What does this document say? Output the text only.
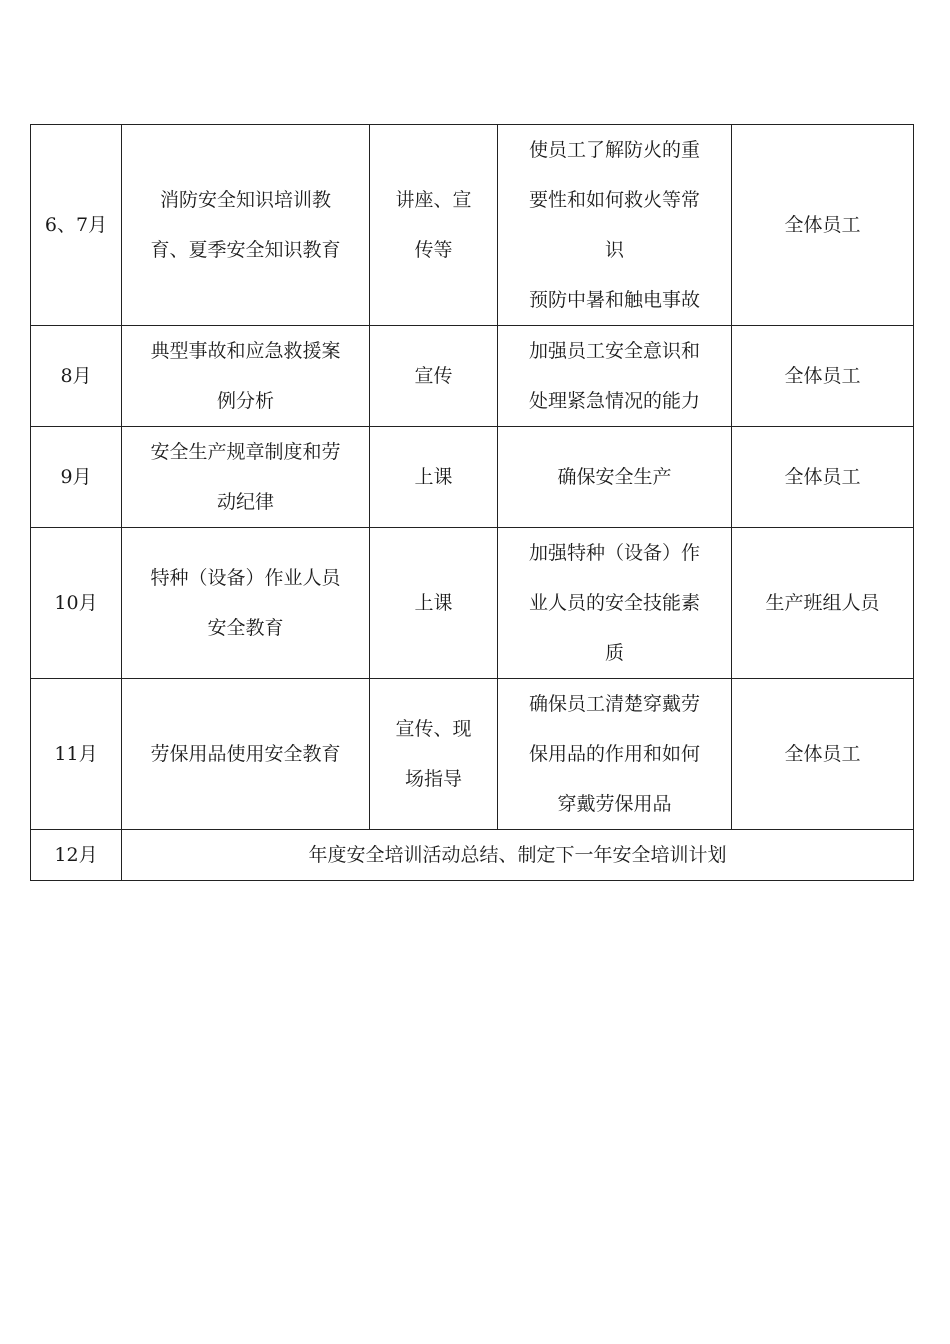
6、7月	消防安全知识培训教
育、夏季安全知识教育	讲座、宣
传等	使员工了解防火的重
要性和如何救火等常
识
预防中暑和触电事故	全体员工
8月	典型事故和应急救援案
例分析	宣传	加强员工安全意识和
处理紧急情况的能力	全体员工
9月	安全生产规章制度和劳
动纪律	上课	确保安全生产	全体员工
10月	特种（设备）作业人员
安全教育	上课	加强特种（设备）作
业人员的安全技能素
质	生产班组人员
11月	劳保用品使用安全教育	宣传、现
场指导	确保员工清楚穿戴劳
保用品的作用和如何
穿戴劳保用品	全体员工
12月	年度安全培训活动总结、制定下一年安全培训计划			
